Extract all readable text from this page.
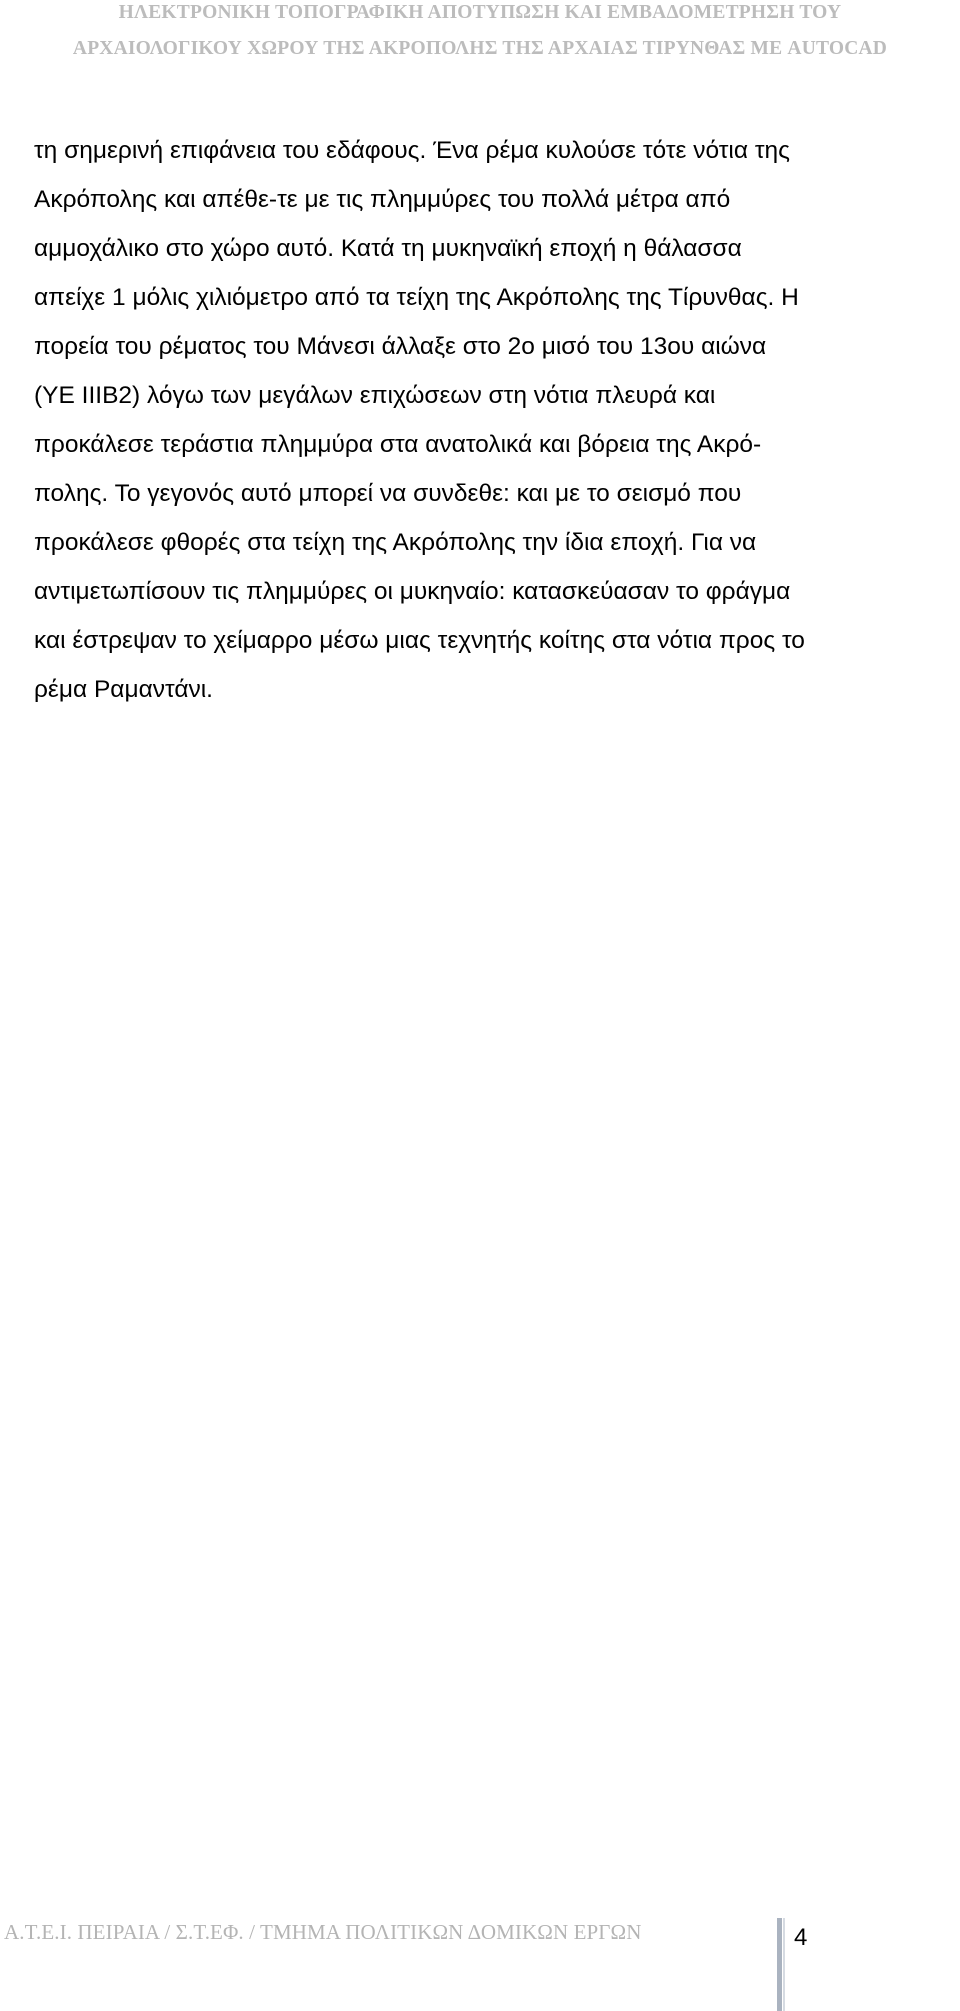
ΗΛΕΚΤΡΟΝΙΚΗ ΤΟΠΟΓΡΑΦΙΚΗ ΑΠΟΤΥΠΩΣΗ ΚΑΙ ΕΜΒΑΔΟΜΕΤΡΗΣΗ ΤΟΥ
ΑΡΧΑΙΟΛΟΓΙΚΟΥ ΧΩΡΟΥ ΤΗΣ ΑΚΡΟΠΟΛΗΣ ΤΗΣ ΑΡΧΑΙΑΣ ΤΙΡΥΝΘΑΣ ΜΕ AUTOCAD
τη σημερινή επιφάνεια του εδάφους. Ένα ρέμα κυλούσε τότε νότια της
Ακρόπολης και απέθε-τε με τις πλημμύρες του πολλά μέτρα από
αμμοχάλικο στο χώρο αυτό. Κατά τη μυκηναϊκή εποχή η θάλασσα
απείχε 1 μόλις χιλιόμετρο από τα τείχη της Ακρόπολης της Τίρυνθας. Η
πορεία του ρέματος του Μάνεσι άλλαξε στο 2ο μισό του 13ου αιώνα
(ΥΕ ΙΙΙΒ2) λόγω των μεγάλων επιχώσεων στη νότια πλευρά και
προκάλεσε τεράστια πλημμύρα στα ανατολικά και βόρεια της Ακρό-
πολης. Το γεγονός αυτό μπορεί να συνδεθε: και με το σεισμό που
προκάλεσε φθορές στα τείχη της Ακρόπολης την ίδια εποχή. Για να
αντιμετωπίσουν τις πλημμύρες οι μυκηναίο: κατασκεύασαν το φράγμα
και έστρεψαν το χείμαρρο μέσω μιας τεχνητής κοίτης στα νότια προς το
ρέμα Ραμαντάνι.
Α.Τ.Ε.Ι. ΠΕΙΡΑΙΑ / Σ.Τ.ΕΦ. / ΤΜΗΜΑ ΠΟΛΙΤΙΚΩΝ ΔΟΜΙΚΩΝ ΕΡΓΩΝ	4
